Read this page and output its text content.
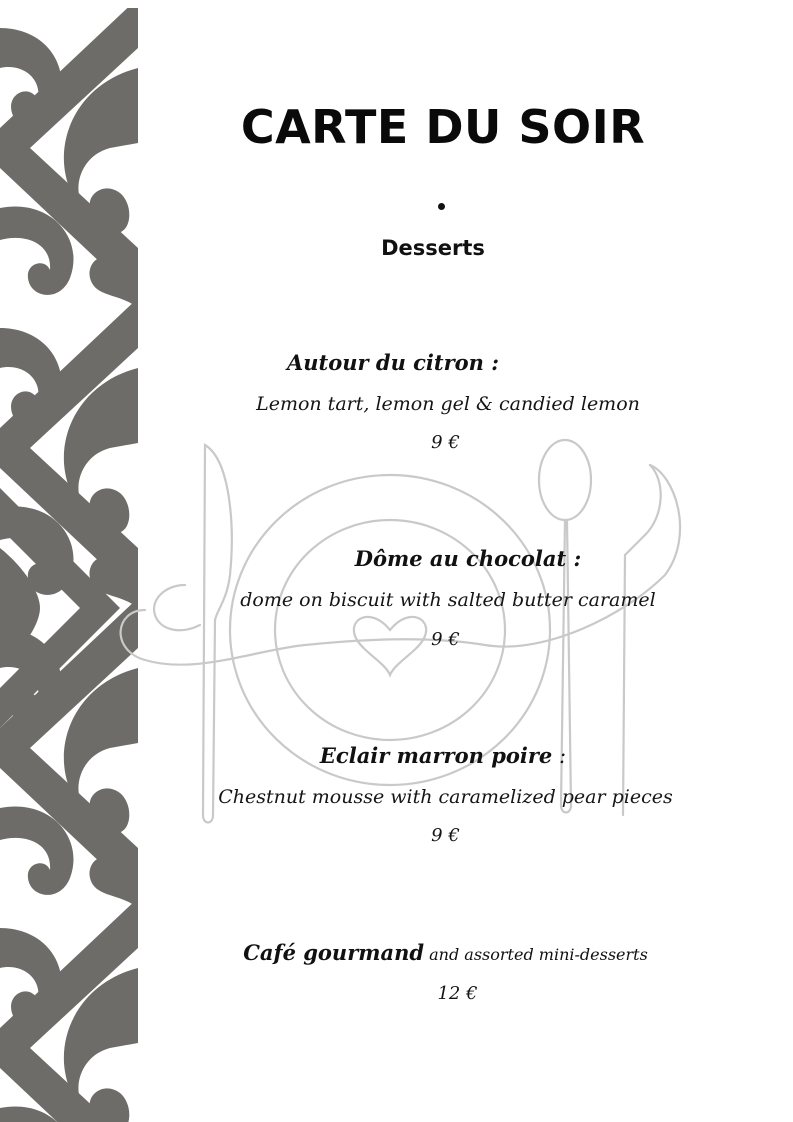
CARTE DU SOIR
Desserts
Autour du citron :
Lemon tart, lemon gel & candied lemon
9 €
Dôme au chocolat :
dome on biscuit with salted butter caramel
9 €
Eclair marron poire :
Chestnut mousse with caramelized pear pieces
9 €
Café gourmand and assorted mini-desserts
12 €
